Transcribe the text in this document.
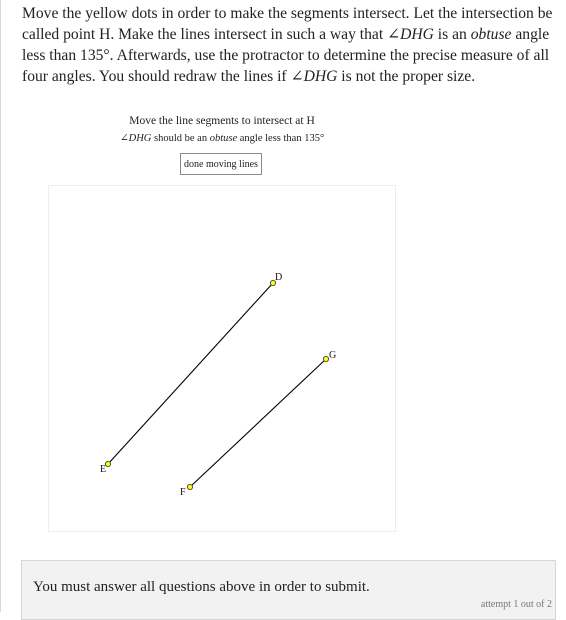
Move the yellow dots in order to make the segments intersect. Let the intersection be called point H. Make the lines intersect in such a way that ∠DHG is an obtuse angle less than 135°. Afterwards, use the protractor to determine the precise measure of all four angles. You should redraw the lines if ∠DHG is not the proper size.
Move the line segments to intersect at H
∠DHG should be an obtuse angle less than 135°
done moving lines
D
E
G
F
You must answer all questions above in order to submit.
attempt 1 out of 2
